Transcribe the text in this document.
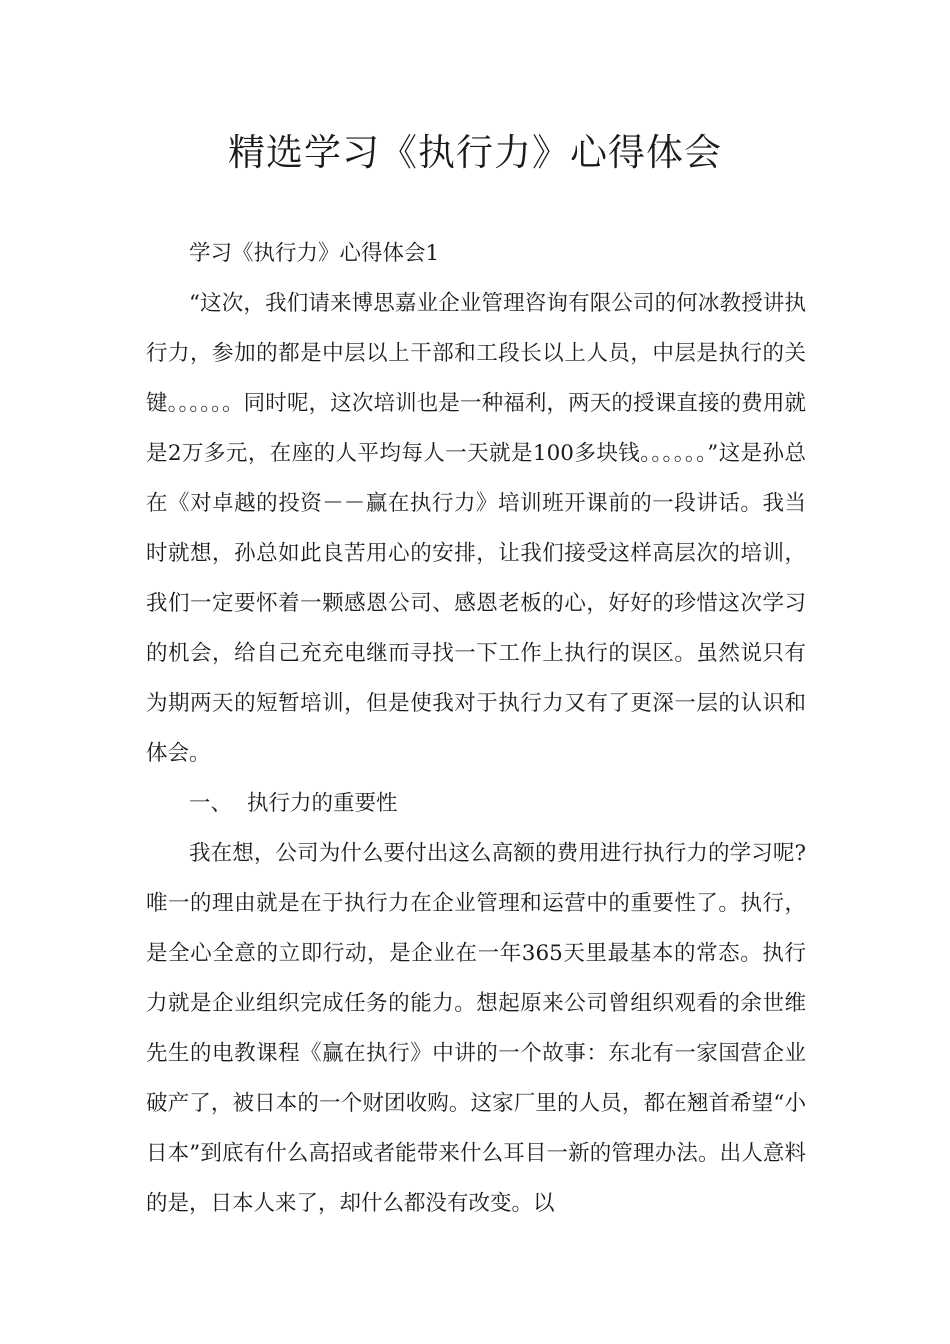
精选学习《执行力》心得体会

学习《执行力》心得体会1

“这次，我们请来博思嘉业企业管理咨询有限公司的何冰教授讲执行力，参加的都是中层以上干部和工段长以上人员，中层是执行的关键。。。。。。同时呢，这次培训也是一种福利，两天的授课直接的费用就是2万多元，在座的人平均每人一天就是100多块钱。。。。。。”这是孙总在《对卓越的投资－－赢在执行力》培训班开课前的一段讲话。我当时就想，孙总如此良苦用心的安排，让我们接受这样高层次的培训，我们一定要怀着一颗感恩公司、感恩老板的心，好好的珍惜这次学习的机会，给自己充充电继而寻找一下工作上执行的误区。虽然说只有为期两天的短暂培训，但是使我对于执行力又有了更深一层的认识和体会。

一、 执行力的重要性

我在想，公司为什么要付出这么高额的费用进行执行力的学习呢?唯一的理由就是在于执行力在企业管理和运营中的重要性了。执行，是全心全意的立即行动，是企业在一年365天里最基本的常态。执行力就是企业组织完成任务的能力。想起原来公司曾组织观看的余世维先生的电教课程《赢在执行》中讲的一个故事：东北有一家国营企业破产了，被日本的一个财团收购。这家厂里的人员，都在翘首希望“小日本”到底有什么高招或者能带来什么耳目一新的管理办法。出人意料的是，日本人来了，却什么都没有改变。以
